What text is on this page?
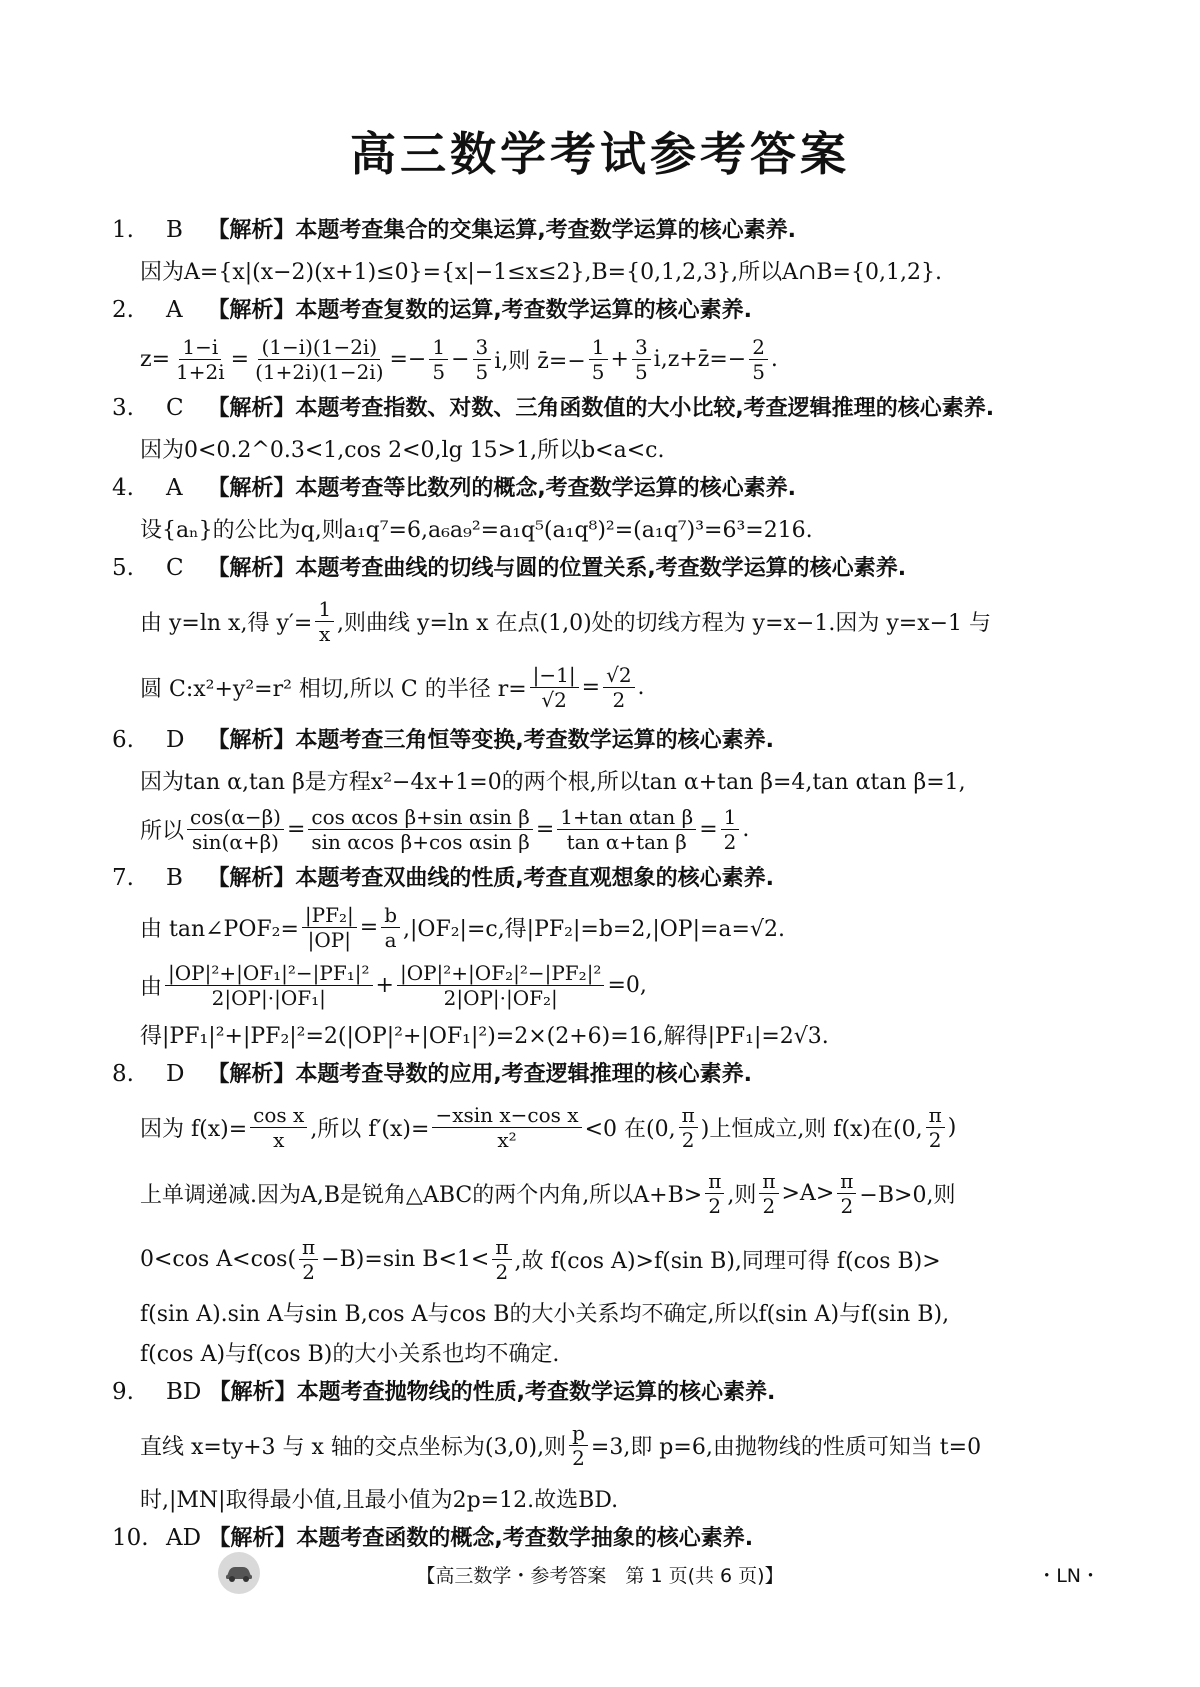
高三数学考试参考答案
1. B 【解析】本题考查集合的交集运算,考查数学运算的核心素养.
因为A={x|(x−2)(x+1)≤0}={x|−1≤x≤2},B={0,1,2,3},所以A∩B={0,1,2}.
2. A 【解析】本题考查复数的运算,考查数学运算的核心素养.
$z= \frac{1-i}{1+2i} = \frac{(1-i)(1-2i)}{(1+2i)(1-2i)} =- \frac{1}{5} - \frac{3}{5} i$,则 z̄=− $\frac{1}{5} + \frac{3}{5}$ i,z+z̄=− $\frac{2}{5}$ .
3. C 【解析】本题考查指数、对数、三角函数值的大小比较,考查逻辑推理的核心素养.
因为0<0.2^0.3<1,cos 2<0,lg 15>1,所以b<a<c.
4. A 【解析】本题考查等比数列的概念,考查数学运算的核心素养.
设{aₙ}的公比为q,则a₁q⁷=6,a₆a₉²=a₁q⁵(a₁q⁸)²=(a₁q⁷)³=6³=216.
5. C 【解析】本题考查曲线的切线与圆的位置关系,考查数学运算的核心素养.
由 y=ln x,得 $y'= \frac{1}{x}$ ,则曲线 y=ln x 在点(1,0)处的切线方程为 y=x−1.因为 y=x−1 与
圆 C:x²+y²=r² 相切,所以 C 的半径 $r= \frac{|-1|}{√2} = \frac{√2}{2}$ .
6. D 【解析】本题考查三角恒等变换,考查数学运算的核心素养.
因为tan α,tan β是方程x²−4x+1=0的两个根,所以tan α+tan β=4,tan αtan β=1,
所以 $\frac{\cos(\alpha-\beta)}{\sin(\alpha+\beta)} = \frac{\text{cos αcos β+sin αsin β}}{\text{sin αcos β+cos αsin β}} = \frac{\text{1+tan αtan β}}{\text{tan α+tan β}} = \frac{1}{2}$ .
7. B 【解析】本题考查双曲线的性质,考查直观想象的核心素养.
由 tan∠POF₂= $\frac{\text{|PF₂|}}{|OP|} = \frac{b}{a} ,|OF_2|=c$,得|PF₂|=b=2,|OP|=a=√2.
由 $\frac{\text{|OP|²+|OF₁|²−|PF₁|²}}{\text{2|OP|·|OF₁|}} + \frac{\text{|OP|²+|OF₂|²−|PF₂|²}}{\text{2|OP|·|OF₂|}} =0$,
得|PF₁|²+|PF₂|²=2(|OP|²+|OF₁|²)=2×(2+6)=16,解得|PF₁|=2√3.
8. D 【解析】本题考查导数的应用,考查逻辑推理的核心素养.
因为 $f(x)= \frac{\text{cos x}}{x}$ ,所以 $f'(x)= \frac{\text{−xsin x−cos x}}{\text{x²}} <0$ 在(0, $\frac{\pi}{2}$ )上恒成立,则 f(x)在(0, $\frac{\pi}{2}$ )
上单调递减.因为A,B是锐角△ABC的两个内角,所以$A+B> \frac{\pi}{2}$ ,则 $\frac{\pi}{2} >A> \frac{\pi}{2} -B>0$,则
0<cos $A<\cos( \frac{\pi}{2} -B)=\sin$ $B<1< \frac{\pi}{2}$ ,故 f(cos A)>f(sin B),同理可得 f(cos B)>
f(sin A).sin A与sin B,cos A与cos B的大小关系均不确定,所以f(sin A)与f(sin B),
f(cos A)与f(cos B)的大小关系也均不确定.
9. BD 【解析】本题考查抛物线的性质,考查数学运算的核心素养.
直线 x=ty+3 与 x 轴的交点坐标为(3,0),则 $\frac{p}{2} =3$,即 p=6,由抛物线的性质可知当 t=0
时,|MN|取得最小值,且最小值为2p=12.故选BD.
10. AD 【解析】本题考查函数的概念,考查数学抽象的核心素养.
【高三数学・参考答案　第 1 页(共 6 页)】	・LN・
